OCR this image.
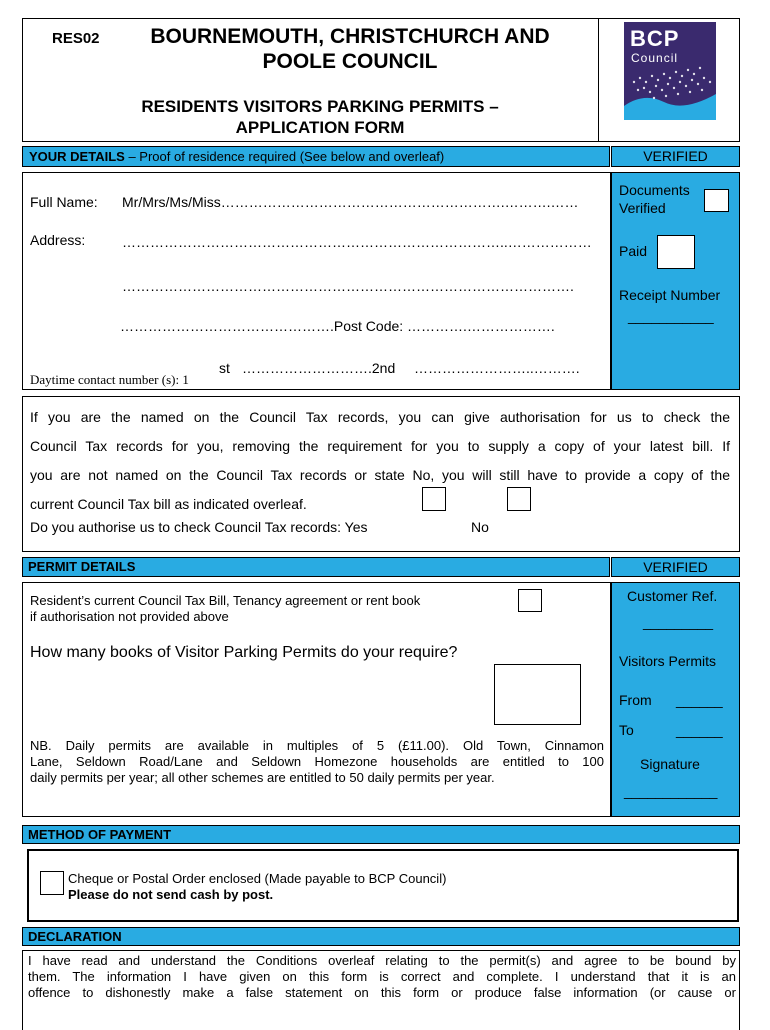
RES02	BOURNEMOUTH, CHRISTCHURCH AND
POOLE COUNCIL
RESIDENTS VISITORS PARKING PERMITS –
APPLICATION FORM
BCP
Council
YOUR DETAILS – Proof of residence required (See below and overleaf)	VERIFIED
Full Name: Mr/Mrs/Ms/Miss…………………………………………………….……….……
Address:	………………………………………………………………………..………………
…………………………………………………………………………………….
……………………………………….Post Code: ………….……………….
Daytime contact number (s): 1
st ……………………….2nd ……………………..……….
Documents
Verified
Paid
Receipt Number
___________
If you are the named on the Council Tax records, you can give authorisation for us to check the
Council Tax records for you, removing the requirement for you to supply a copy of your latest bill. If
you are not named on the Council Tax records or state No, you will still have to provide a copy of the
current Council Tax bill as indicated overleaf.
Do you authorise us to check Council Tax records: Yes	No
PERMIT DETAILS	VERIFIED
Resident’s current Council Tax Bill, Tenancy agreement or rent book
if authorisation not provided above
How many books of Visitor Parking Permits do your require?
NB. Daily permits are available in multiples of 5 (£11.00). Old Town, Cinnamon
Lane, Seldown Road/Lane and Seldown Homezone households are entitled to 100
daily permits per year; all other schemes are entitled to 50 daily permits per year.
Customer Ref.
_________
Visitors Permits
From ______
To	______
Signature
____________
METHOD OF PAYMENT
Cheque or Postal Order enclosed (Made payable to BCP Council)
Please do not send cash by post.
DECLARATION
I have read and understand the Conditions overleaf relating to the permit(s) and agree to be bound by
them. The information I have given on this form is correct and complete. I understand that it is an
offence to dishonestly make a false statement on this form or produce false information (or cause or
